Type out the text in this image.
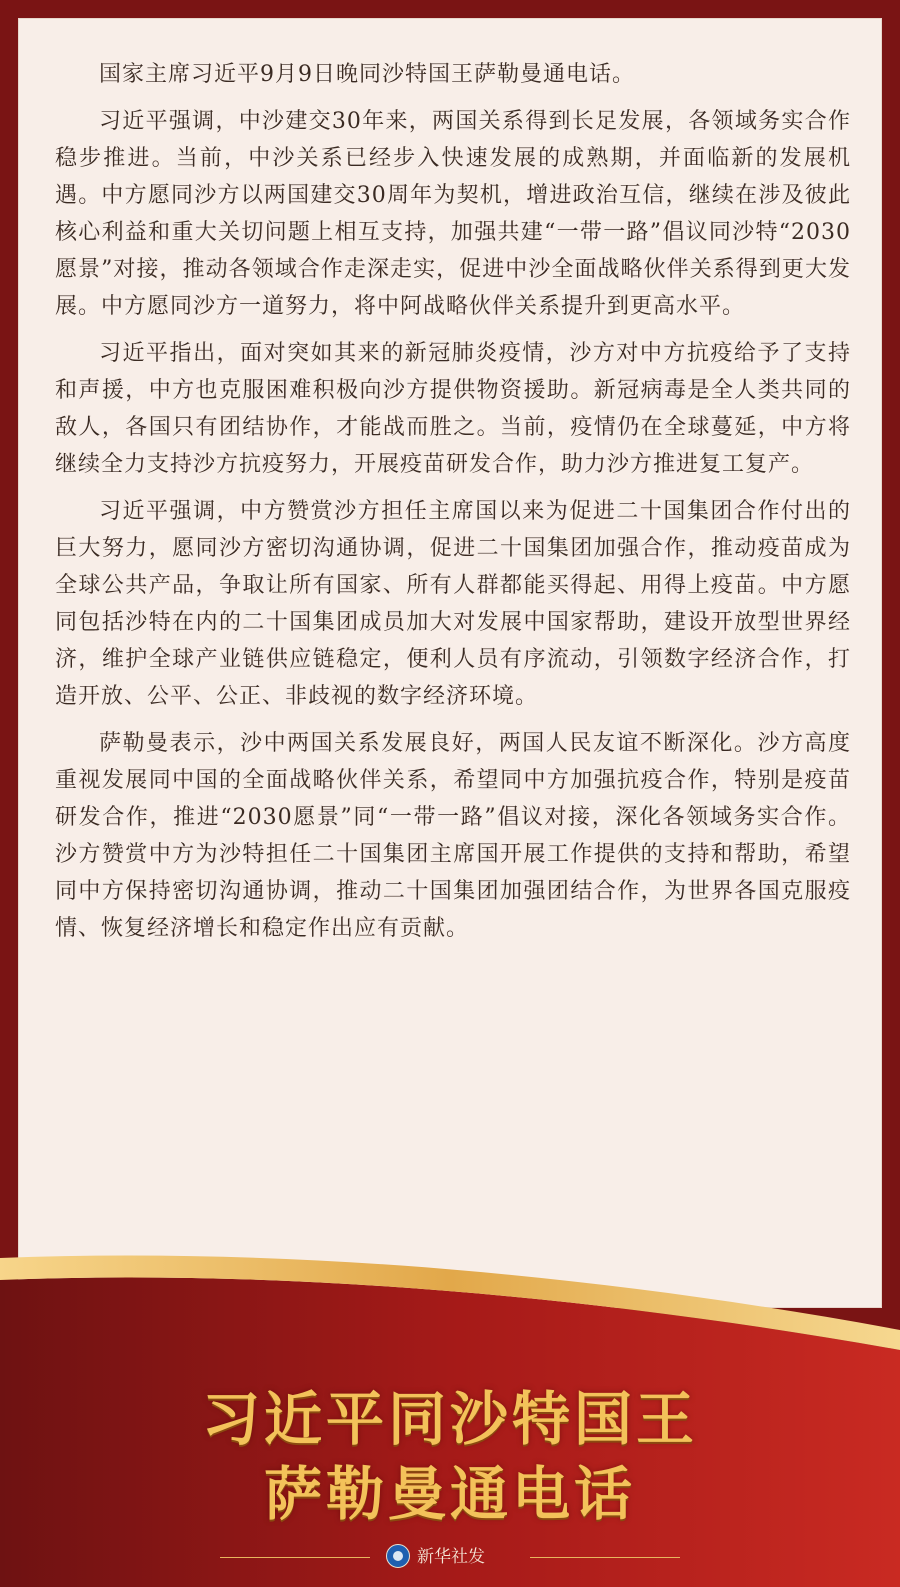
国家主席习近平9月9日晚同沙特国王萨勒曼通电话。

习近平强调，中沙建交30年来，两国关系得到长足发展，各领域务实合作稳步推进。当前，中沙关系已经步入快速发展的成熟期，并面临新的发展机遇。中方愿同沙方以两国建交30周年为契机，增进政治互信，继续在涉及彼此核心利益和重大关切问题上相互支持，加强共建“一带一路”倡议同沙特“2030愿景”对接，推动各领域合作走深走实，促进中沙全面战略伙伴关系得到更大发展。中方愿同沙方一道努力，将中阿战略伙伴关系提升到更高水平。

习近平指出，面对突如其来的新冠肺炎疫情，沙方对中方抗疫给予了支持和声援，中方也克服困难积极向沙方提供物资援助。新冠病毒是全人类共同的敌人，各国只有团结协作，才能战而胜之。当前，疫情仍在全球蔓延，中方将继续全力支持沙方抗疫努力，开展疫苗研发合作，助力沙方推进复工复产。

习近平强调，中方赞赏沙方担任主席国以来为促进二十国集团合作付出的巨大努力，愿同沙方密切沟通协调，促进二十国集团加强合作，推动疫苗成为全球公共产品，争取让所有国家、所有人群都能买得起、用得上疫苗。中方愿同包括沙特在内的二十国集团成员加大对发展中国家帮助，建设开放型世界经济，维护全球产业链供应链稳定，便利人员有序流动，引领数字经济合作，打造开放、公平、公正、非歧视的数字经济环境。

萨勒曼表示，沙中两国关系发展良好，两国人民友谊不断深化。沙方高度重视发展同中国的全面战略伙伴关系，希望同中方加强抗疫合作，特别是疫苗研发合作，推进“2030愿景”同“一带一路”倡议对接，深化各领域务实合作。沙方赞赏中方为沙特担任二十国集团主席国开展工作提供的支持和帮助，希望同中方保持密切沟通协调，推动二十国集团加强团结合作，为世界各国克服疫情、恢复经济增长和稳定作出应有贡献。

习近平同沙特国王
萨勒曼通电话
新华社发
